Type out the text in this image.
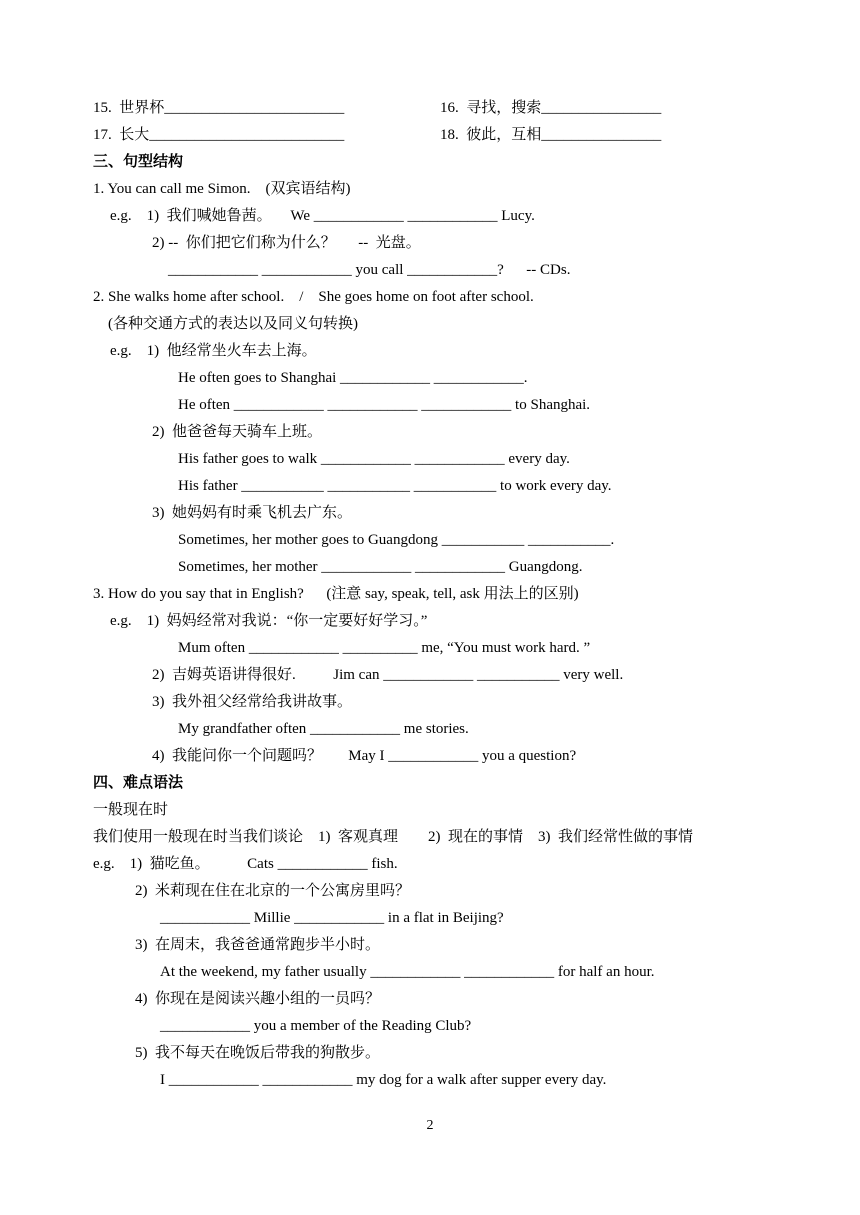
15.  世界杯________________________	16.  寻找，搜索________________
17.  长大__________________________	18.  彼此，互相________________
三、句型结构
1. You can call me Simon.    (双宾语结构)
e.g.    1)  我们喊她鲁茜。     We ____________ ____________ Lucy.
2) --  你们把它们称为什么？      --  光盘。
____________ ____________ you call ____________?      -- CDs.
2. She walks home after school.    /    She goes home on foot after school.
(各种交通方式的表达以及同义句转换)
e.g.    1)  他经常坐火车去上海。
He often goes to Shanghai ____________ ____________.
He often ____________ ____________ ____________ to Shanghai.
2)  他爸爸每天骑车上班。
His father goes to walk ____________ ____________ every day.
His father ___________ ___________ ___________ to work every day.
3)  她妈妈有时乘飞机去广东。
Sometimes, her mother goes to Guangdong ___________ ___________.
Sometimes, her mother ____________ ____________ Guangdong.
3. How do you say that in English?      (注意 say, speak, tell, ask 用法上的区别)
e.g.    1)  妈妈经常对我说：“你一定要好好学习。”
Mum often ____________ __________ me, “You must work hard. ”
2)  吉姆英语讲得很好.          Jim can ____________ ___________ very well.
3)  我外祖父经常给我讲故事。
My grandfather often ____________ me stories.
4)  我能问你一个问题吗？       May I ____________ you a question?
四、难点语法
一般现在时
我们使用一般现在时当我们谈论    1)  客观真理        2)  现在的事情    3)  我们经常性做的事情
e.g.    1)  猫吃鱼。          Cats ____________ fish.
2)  米莉现在住在北京的一个公寓房里吗？
____________ Millie ____________ in a flat in Beijing?
3)  在周末，我爸爸通常跑步半小时。
At the weekend, my father usually ____________ ____________ for half an hour.
4)  你现在是阅读兴趣小组的一员吗？
____________ you a member of the Reading Club?
5)  我不每天在晚饭后带我的狗散步。
I ____________ ____________ my dog for a walk after supper every day.
2
